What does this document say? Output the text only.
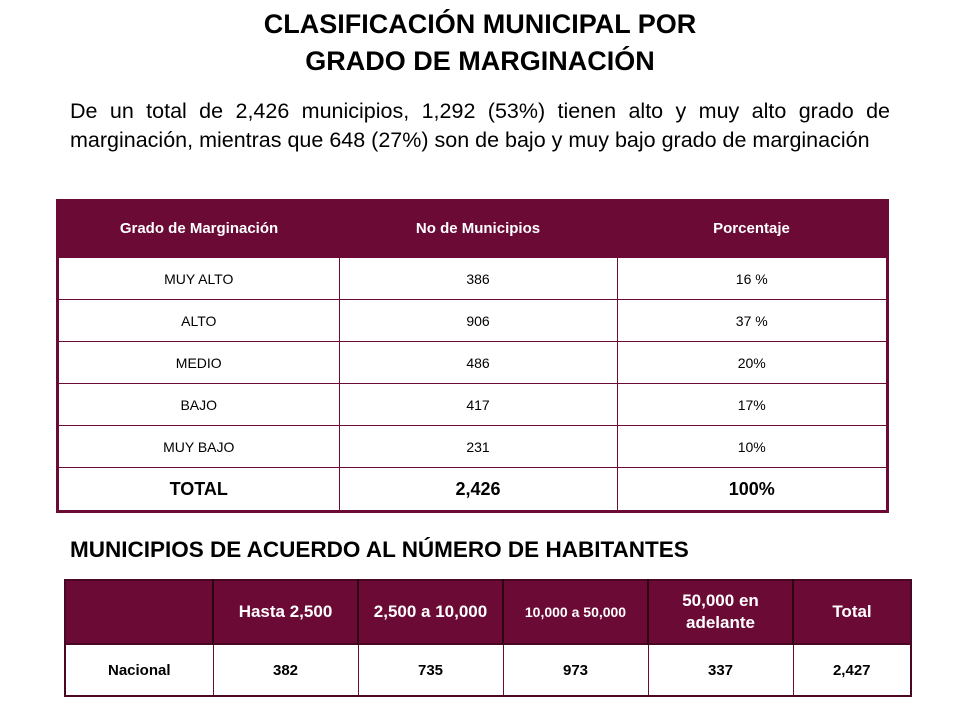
CLASIFICACIÓN MUNICIPAL POR
GRADO DE MARGINACIÓN
De un total de 2,426 municipios, 1,292 (53%) tienen alto y muy alto grado de marginación, mientras que 648 (27%) son de bajo y muy bajo grado de marginación
Grado de Marginación	No de Municipios	Porcentaje
MUY ALTO	386	16 %
ALTO	906	37 %
MEDIO	486	20%
BAJO	417	17%
MUY BAJO	231	10%
TOTAL	2,426	100%
MUNICIPIOS DE ACUERDO AL NÚMERO DE HABITANTES
	Hasta 2,500	2,500 a 10,000	10,000 a 50,000	50,000 en adelante	Total
Nacional	382	735	973	337	2,427
